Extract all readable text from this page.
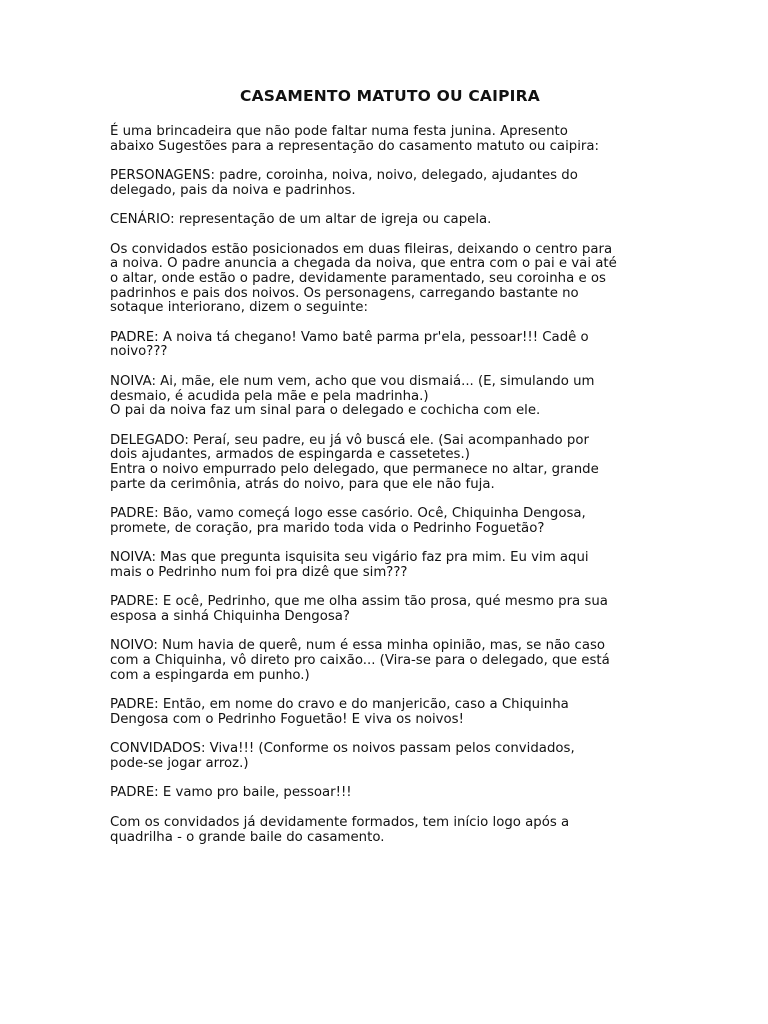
CASAMENTO MATUTO OU CAIPIRA

É uma brincadeira que não pode faltar numa festa junina. Apresento
abaixo Sugestões para a representação do casamento matuto ou caipira:

PERSONAGENS: padre, coroinha, noiva, noivo, delegado, ajudantes do
delegado, pais da noiva e padrinhos.

CENÁRIO: representação de um altar de igreja ou capela.

Os convidados estão posicionados em duas fileiras, deixando o centro para
a noiva. O padre anuncia a chegada da noiva, que entra com o pai e vai até
o altar, onde estão o padre, devidamente paramentado, seu coroinha e os
padrinhos e pais dos noivos. Os personagens, carregando bastante no
sotaque interiorano, dizem o seguinte:

PADRE: A noiva tá chegano! Vamo batê parma pr'ela, pessoar!!! Cadê o
noivo???

NOIVA: Ai, mãe, ele num vem, acho que vou dismaiá... (E, simulando um
desmaio, é acudida pela mãe e pela madrinha.)
O pai da noiva faz um sinal para o delegado e cochicha com ele.

DELEGADO: Peraí, seu padre, eu já vô buscá ele. (Sai acompanhado por
dois ajudantes, armados de espingarda e cassetetes.)
Entra o noivo empurrado pelo delegado, que permanece no altar, grande
parte da cerimônia, atrás do noivo, para que ele não fuja.

PADRE: Bão, vamo começá logo esse casório. Ocê, Chiquinha Dengosa,
promete, de coração, pra marido toda vida o Pedrinho Foguetão?

NOIVA: Mas que pregunta isquisita seu vigário faz pra mim. Eu vim aqui
mais o Pedrinho num foi pra dizê que sim???

PADRE: E ocê, Pedrinho, que me olha assim tão prosa, qué mesmo pra sua
esposa a sinhá Chiquinha Dengosa?

NOIVO: Num havia de querê, num é essa minha opinião, mas, se não caso
com a Chiquinha, vô direto pro caixão... (Vira-se para o delegado, que está
com a espingarda em punho.)

PADRE: Então, em nome do cravo e do manjericão, caso a Chiquinha
Dengosa com o Pedrinho Foguetão! E viva os noivos!

CONVIDADOS: Viva!!! (Conforme os noivos passam pelos convidados,
pode-se jogar arroz.)

PADRE: E vamo pro baile, pessoar!!!

Com os convidados já devidamente formados, tem início logo após a
quadrilha - o grande baile do casamento.
